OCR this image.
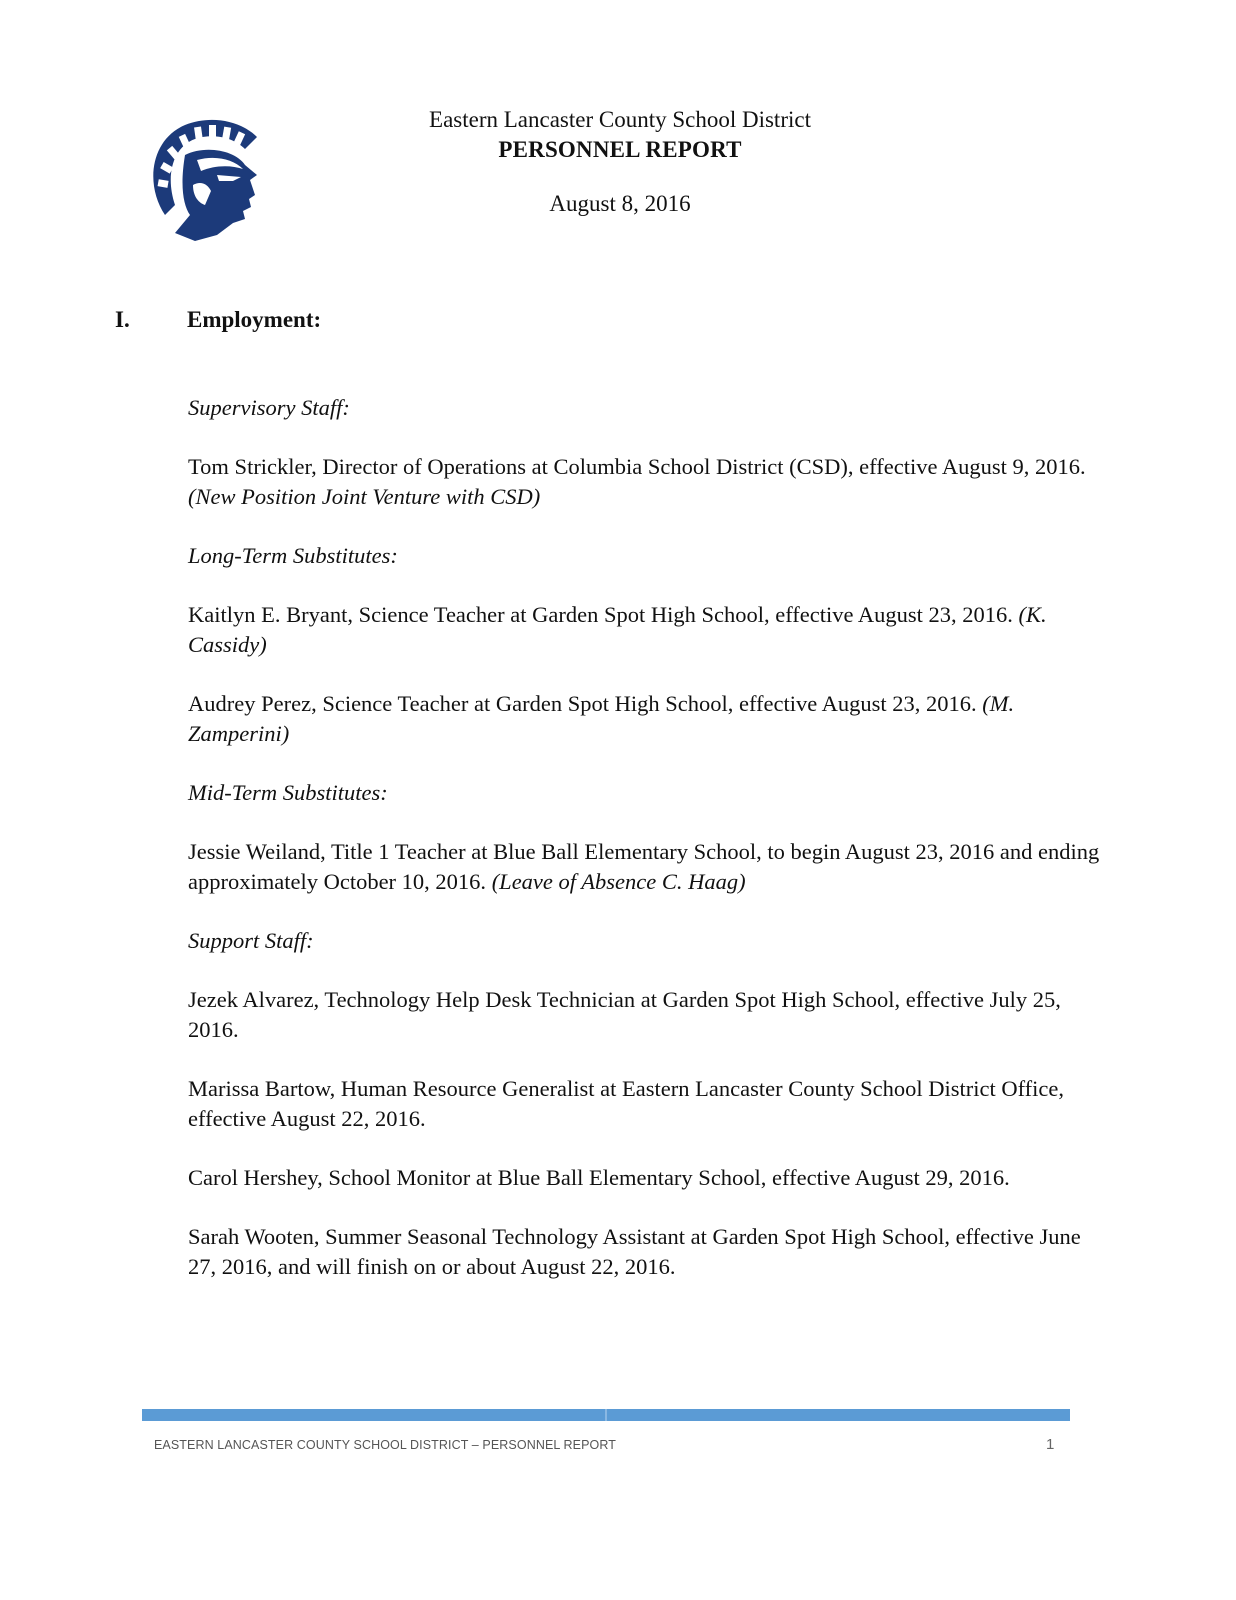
Eastern Lancaster County School District
PERSONNEL REPORT
August 8, 2016
I. Employment:
Supervisory Staff:
Tom Strickler, Director of Operations at Columbia School District (CSD), effective August 9, 2016. (New Position Joint Venture with CSD)
Long-Term Substitutes:
Kaitlyn E. Bryant, Science Teacher at Garden Spot High School, effective August 23, 2016. (K. Cassidy)
Audrey Perez, Science Teacher at Garden Spot High School, effective August 23, 2016. (M. Zamperini)
Mid-Term Substitutes:
Jessie Weiland, Title 1 Teacher at Blue Ball Elementary School, to begin August 23, 2016 and ending approximately October 10, 2016. (Leave of Absence C. Haag)
Support Staff:
Jezek Alvarez, Technology Help Desk Technician at Garden Spot High School, effective July 25, 2016.
Marissa Bartow, Human Resource Generalist at Eastern Lancaster County School District Office, effective August 22, 2016.
Carol Hershey, School Monitor at Blue Ball Elementary School, effective August 29, 2016.
Sarah Wooten, Summer Seasonal Technology Assistant at Garden Spot High School, effective June 27, 2016, and will finish on or about August 22, 2016.
EASTERN LANCASTER COUNTY SCHOOL DISTRICT – PERSONNEL REPORT	1
